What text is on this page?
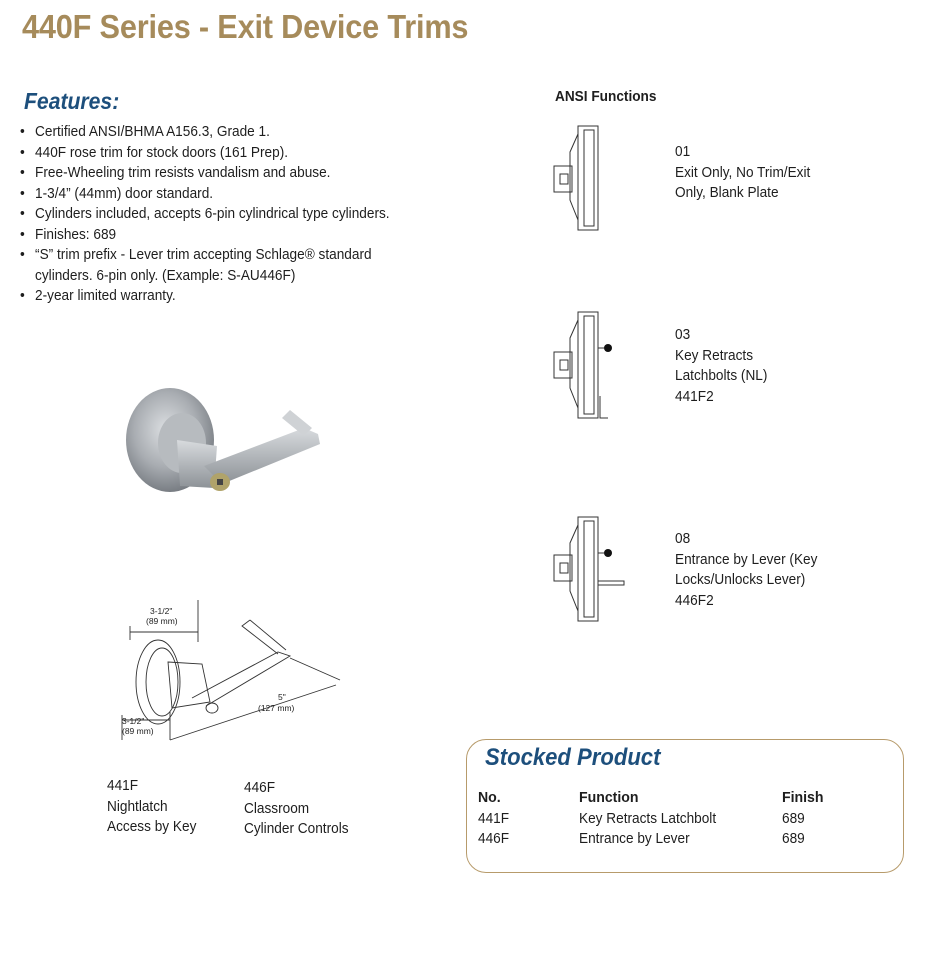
440F Series - Exit Device Trims
Features:
• Certified ANSI/BHMA A156.3, Grade 1.
• 440F rose trim for stock doors (161 Prep).
• Free-Wheeling trim resists vandalism and abuse.
• 1-3/4” (44mm) door standard.
• Cylinders included, accepts 6-pin cylindrical type cylinders.
• Finishes: 689
• “S” trim prefix - Lever trim accepting Schlage® standard
cylinders. 6-pin only. (Example: S-AU446F)
• 2-year limited warranty.
3-1/2"
(89 mm)
3-1/2"
(89 mm)
5"
(127 mm)
441F
Nightlatch
Access by Key
446F
Classroom
Cylinder Controls
ANSI Functions
01
Exit Only, No Trim/Exit
Only, Blank Plate
03
Key Retracts
Latchbolts (NL)
441F2
08
Entrance by Lever (Key
Locks/Unlocks Lever)
446F2
Stocked Product
No.
441F
446F
Function
Key Retracts Latchbolt
Entrance by Lever
Finish
689
689
